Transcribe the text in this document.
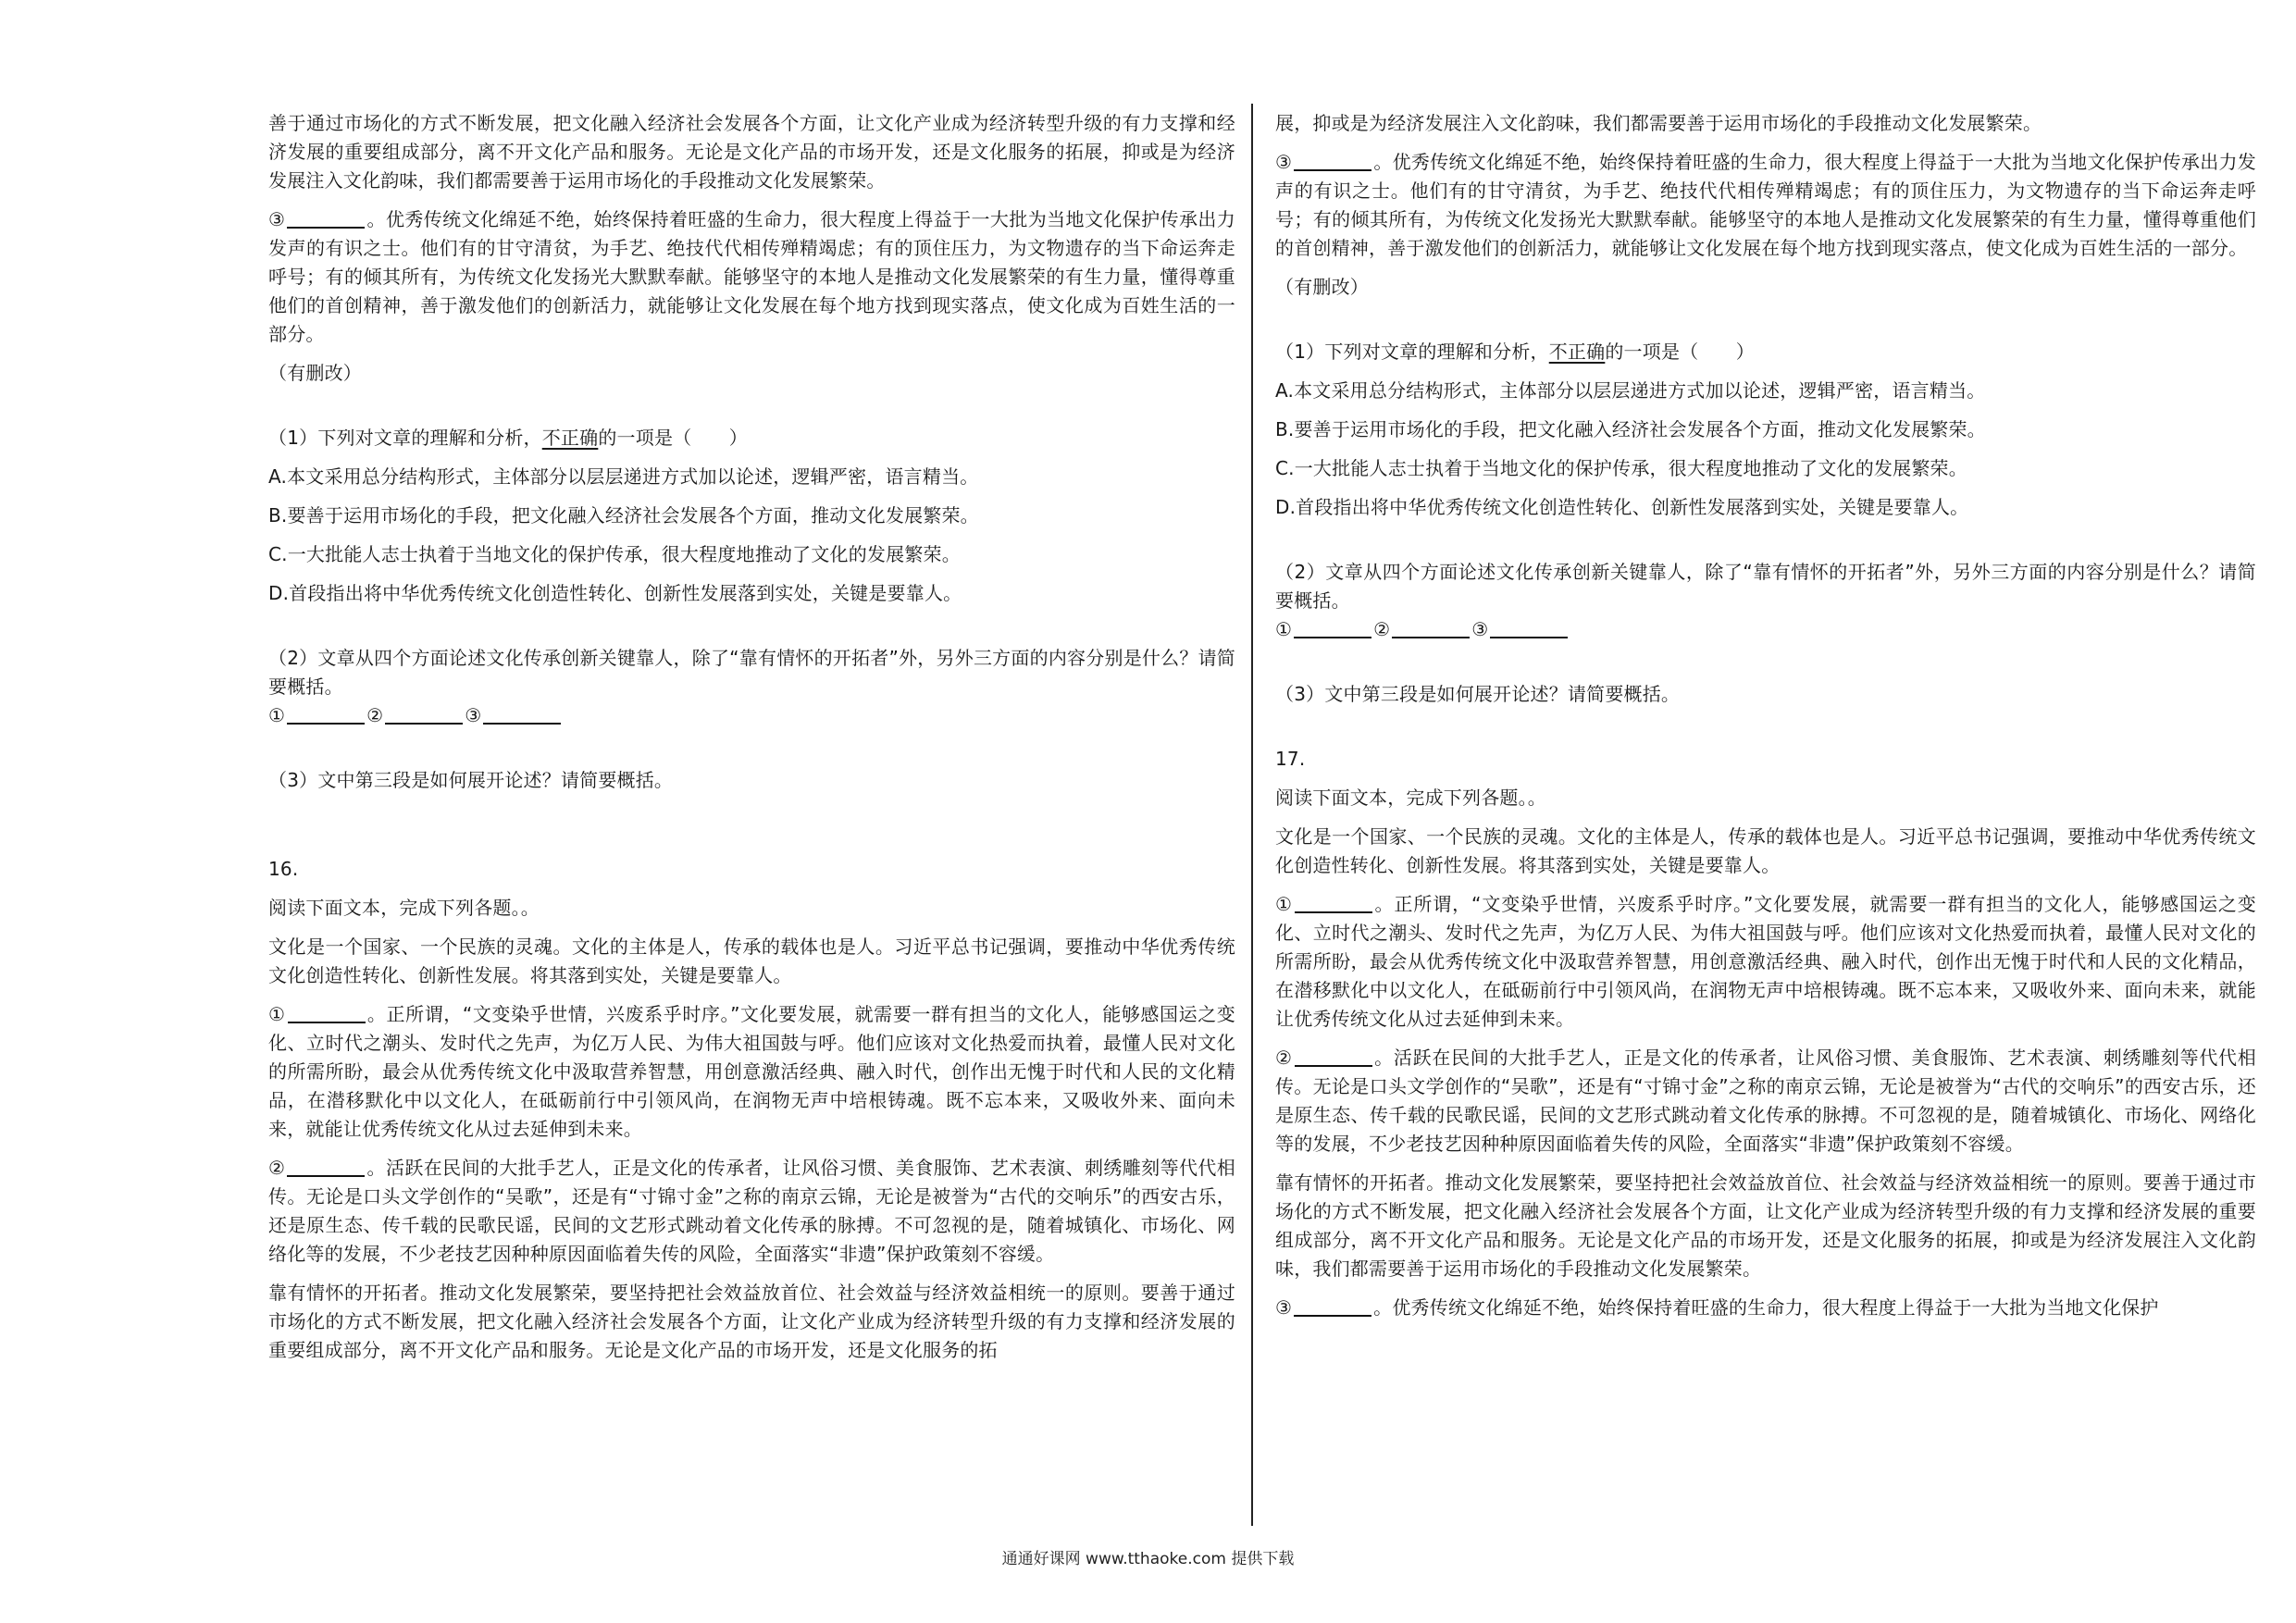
善于通过市场化的方式不断发展，把文化融入经济社会发展各个方面，让文化产业成为经济转型升级的有力支撑和经济发展的重要组成部分，离不开文化产品和服务。无论是文化产品的市场开发，还是文化服务的拓展，抑或是为经济发展注入文化韵味，我们都需要善于运用市场化的手段推动文化发展繁荣。

③	。优秀传统文化绵延不绝，始终保持着旺盛的生命力，很大程度上得益于一大批为当地文化保护传承出力发声的有识之士。他们有的甘守清贫，为手艺、绝技代代相传殚精竭虑；有的顶住压力，为文物遗存的当下命运奔走呼号；有的倾其所有，为传统文化发扬光大默默奉献。能够坚守的本地人是推动文化发展繁荣的有生力量，懂得尊重他们的首创精神，善于激发他们的创新活力，就能够让文化发展在每个地方找到现实落点，使文化成为百姓生活的一部分。

（有删改）

（1）下列对文章的理解和分析，不正确的一项是（　　）

A.本文采用总分结构形式，主体部分以层层递进方式加以论述，逻辑严密，语言精当。

B.要善于运用市场化的手段，把文化融入经济社会发展各个方面，推动文化发展繁荣。

C.一大批能人志士执着于当地文化的保护传承，很大程度地推动了文化的发展繁荣。

D.首段指出将中华优秀传统文化创造性转化、创新性发展落到实处，关键是要靠人。

（2）文章从四个方面论述文化传承创新关键靠人，除了“靠有情怀的开拓者”外，另外三方面的内容分别是什么？请简要概括。

①	②	③

（3）文中第三段是如何展开论述？请简要概括。

16.

阅读下面文本，完成下列各题。。

文化是一个国家、一个民族的灵魂。文化的主体是人，传承的载体也是人。习近平总书记强调，要推动中华优秀传统文化创造性转化、创新性发展。将其落到实处，关键是要靠人。

①	。正所谓，“文变染乎世情，兴废系乎时序。”文化要发展，就需要一群有担当的文化人，能够感国运之变化、立时代之潮头、发时代之先声，为亿万人民、为伟大祖国鼓与呼。他们应该对文化热爱而执着，最懂人民对文化的所需所盼，最会从优秀传统文化中汲取营养智慧，用创意激活经典、融入时代，创作出无愧于时代和人民的文化精品，在潜移默化中以文化人，在砥砺前行中引领风尚，在润物无声中培根铸魂。既不忘本来，又吸收外来、面向未来，就能让优秀传统文化从过去延伸到未来。

②	。活跃在民间的大批手艺人，正是文化的传承者，让风俗习惯、美食服饰、艺术表演、刺绣雕刻等代代相传。无论是口头文学创作的“吴歌”，还是有“寸锦寸金”之称的南京云锦，无论是被誉为“古代的交响乐”的西安古乐，还是原生态、传千载的民歌民谣，民间的文艺形式跳动着文化传承的脉搏。不可忽视的是，随着城镇化、市场化、网络化等的发展，不少老技艺因种种原因面临着失传的风险，全面落实“非遗”保护政策刻不容缓。

靠有情怀的开拓者。推动文化发展繁荣，要坚持把社会效益放首位、社会效益与经济效益相统一的原则。要善于通过市场化的方式不断发展，把文化融入经济社会发展各个方面，让文化产业成为经济转型升级的有力支撑和经济发展的重要组成部分，离不开文化产品和服务。无论是文化产品的市场开发，还是文化服务的拓

展，抑或是为经济发展注入文化韵味，我们都需要善于运用市场化的手段推动文化发展繁荣。

③	。优秀传统文化绵延不绝，始终保持着旺盛的生命力，很大程度上得益于一大批为当地文化保护传承出力发声的有识之士。他们有的甘守清贫，为手艺、绝技代代相传殚精竭虑；有的顶住压力，为文物遗存的当下命运奔走呼号；有的倾其所有，为传统文化发扬光大默默奉献。能够坚守的本地人是推动文化发展繁荣的有生力量，懂得尊重他们的首创精神，善于激发他们的创新活力，就能够让文化发展在每个地方找到现实落点，使文化成为百姓生活的一部分。

（有删改）

（1）下列对文章的理解和分析，不正确的一项是（　　）

A.本文采用总分结构形式，主体部分以层层递进方式加以论述，逻辑严密，语言精当。

B.要善于运用市场化的手段，把文化融入经济社会发展各个方面，推动文化发展繁荣。

C.一大批能人志士执着于当地文化的保护传承，很大程度地推动了文化的发展繁荣。

D.首段指出将中华优秀传统文化创造性转化、创新性发展落到实处，关键是要靠人。

（2）文章从四个方面论述文化传承创新关键靠人，除了“靠有情怀的开拓者”外，另外三方面的内容分别是什么？请简要概括。

①	②	③

（3）文中第三段是如何展开论述？请简要概括。

17.

阅读下面文本，完成下列各题。。

文化是一个国家、一个民族的灵魂。文化的主体是人，传承的载体也是人。习近平总书记强调，要推动中华优秀传统文化创造性转化、创新性发展。将其落到实处，关键是要靠人。

①	。正所谓，“文变染乎世情，兴废系乎时序。”文化要发展，就需要一群有担当的文化人，能够感国运之变化、立时代之潮头、发时代之先声，为亿万人民、为伟大祖国鼓与呼。他们应该对文化热爱而执着，最懂人民对文化的所需所盼，最会从优秀传统文化中汲取营养智慧，用创意激活经典、融入时代，创作出无愧于时代和人民的文化精品，在潜移默化中以文化人，在砥砺前行中引领风尚，在润物无声中培根铸魂。既不忘本来，又吸收外来、面向未来，就能让优秀传统文化从过去延伸到未来。

②	。活跃在民间的大批手艺人，正是文化的传承者，让风俗习惯、美食服饰、艺术表演、刺绣雕刻等代代相传。无论是口头文学创作的“吴歌”，还是有“寸锦寸金”之称的南京云锦，无论是被誉为“古代的交响乐”的西安古乐，还是原生态、传千载的民歌民谣，民间的文艺形式跳动着文化传承的脉搏。不可忽视的是，随着城镇化、市场化、网络化等的发展，不少老技艺因种种原因面临着失传的风险，全面落实“非遗”保护政策刻不容缓。

靠有情怀的开拓者。推动文化发展繁荣，要坚持把社会效益放首位、社会效益与经济效益相统一的原则。要善于通过市场化的方式不断发展，把文化融入经济社会发展各个方面，让文化产业成为经济转型升级的有力支撑和经济发展的重要组成部分，离不开文化产品和服务。无论是文化产品的市场开发，还是文化服务的拓展，抑或是为经济发展注入文化韵味，我们都需要善于运用市场化的手段推动文化发展繁荣。

③	。优秀传统文化绵延不绝，始终保持着旺盛的生命力，很大程度上得益于一大批为当地文化保护

通通好课网 www.tthaoke.com 提供下载
